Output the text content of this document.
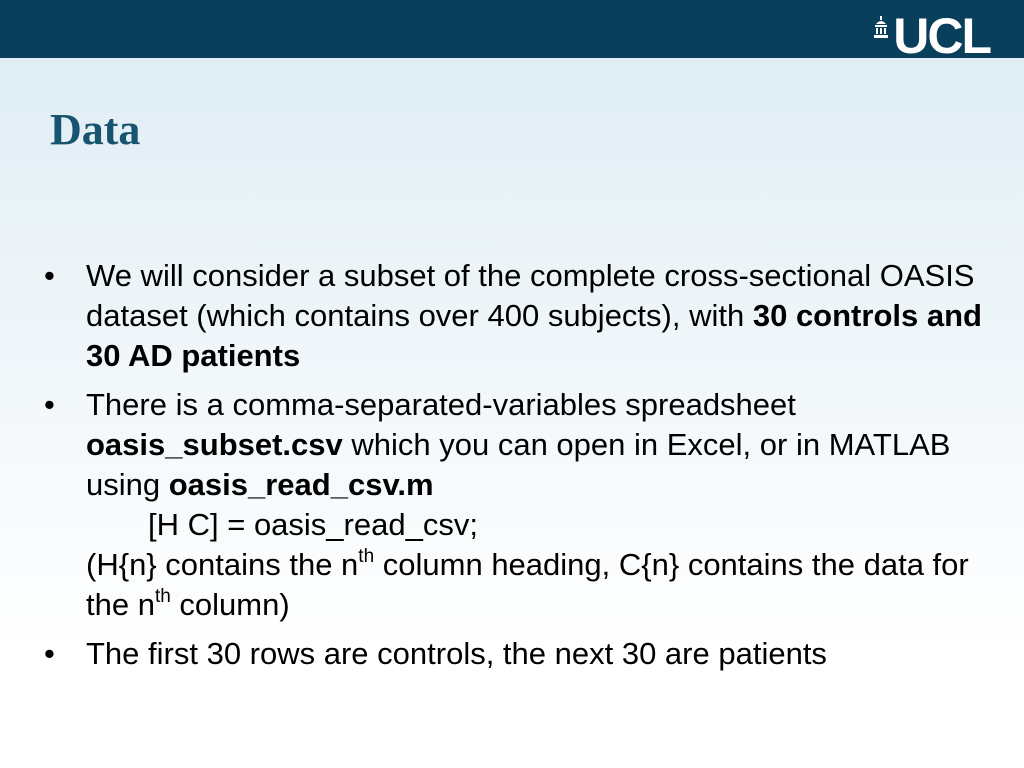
UCL
Data
•	We will consider a subset of the complete cross-sectional OASIS dataset (which contains over 400 subjects), with 30 controls and 30 AD patients
•	There is a comma-separated-variables spreadsheet oasis_subset.csv which you can open in Excel, or in MATLAB using oasis_read_csv.m
[H C] = oasis_read_csv;
(H{n} contains the $n^{th}$ column heading, C{n} contains the data for the $n^{th}$ column)
•	The first 30 rows are controls, the next 30 are patients
